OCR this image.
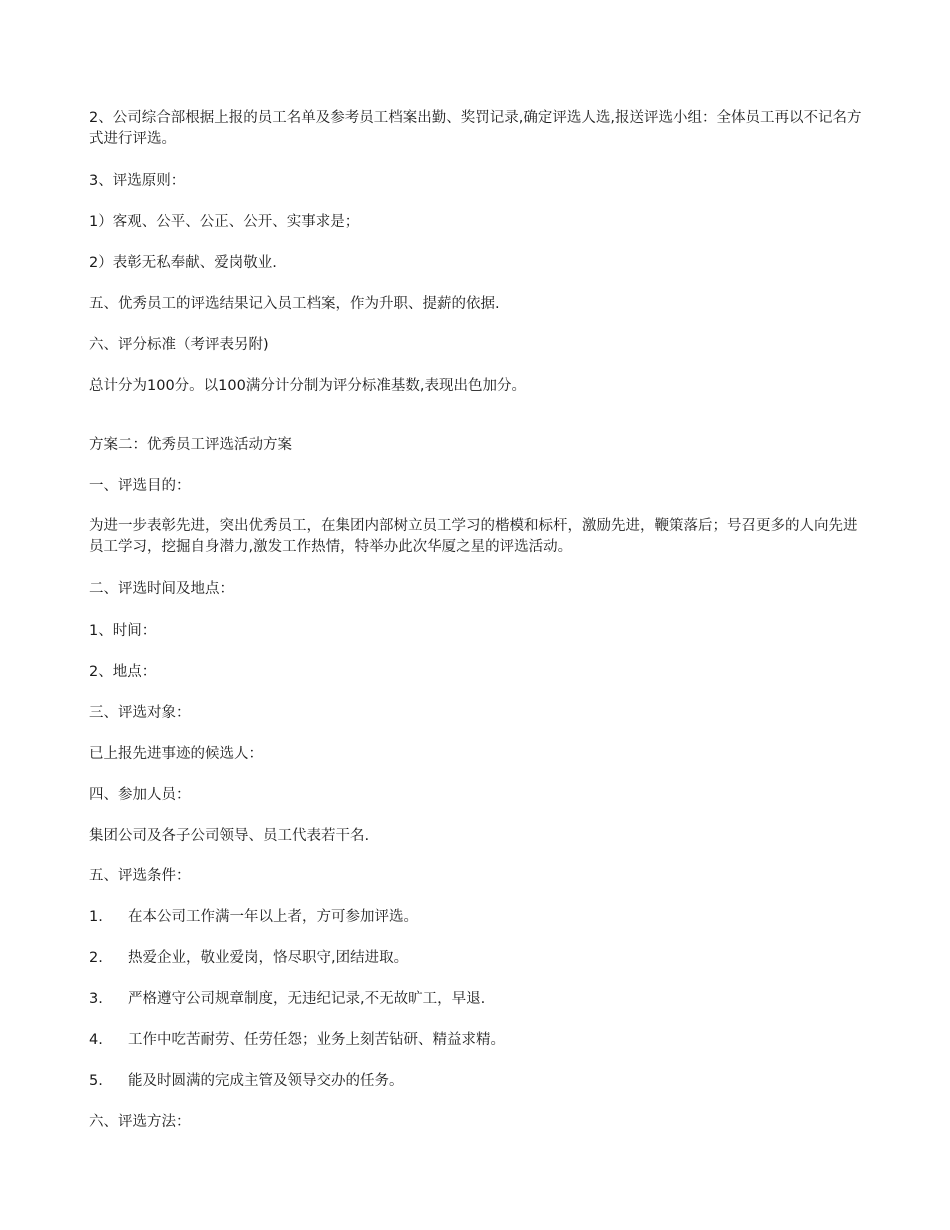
2、公司综合部根据上报的员工名单及参考员工档案出勤、奖罚记录,确定评选人选,报送评选小组：全体员工再以不记名方式进行评选。

3、评选原则：

1）客观、公平、公正、公开、实事求是；

2）表彰无私奉献、爱岗敬业.

五、优秀员工的评选结果记入员工档案，作为升职、提薪的依据.

六、评分标准（考评表另附)

总计分为100分。以100满分计分制为评分标准基数,表现出色加分。

方案二：优秀员工评选活动方案

一、评选目的：

为进一步表彰先进，突出优秀员工，在集团内部树立员工学习的楷模和标杆，激励先进，鞭策落后；号召更多的人向先进员工学习，挖掘自身潜力,激发工作热情，特举办此次华厦之星的评选活动。

二、评选时间及地点：

1、时间：

2、地点：

三、评选对象：

已上报先进事迹的候选人：

四、参加人员：

集团公司及各子公司领导、员工代表若干名.

五、评选条件：

1. 在本公司工作满一年以上者，方可参加评选。

2. 热爱企业，敬业爱岗，恪尽职守,团结进取。

3. 严格遵守公司规章制度，无违纪记录,不无故旷工，早退.

4. 工作中吃苦耐劳、任劳任怨；业务上刻苦钻研、精益求精。

5. 能及时圆满的完成主管及领导交办的任务。

六、评选方法：
